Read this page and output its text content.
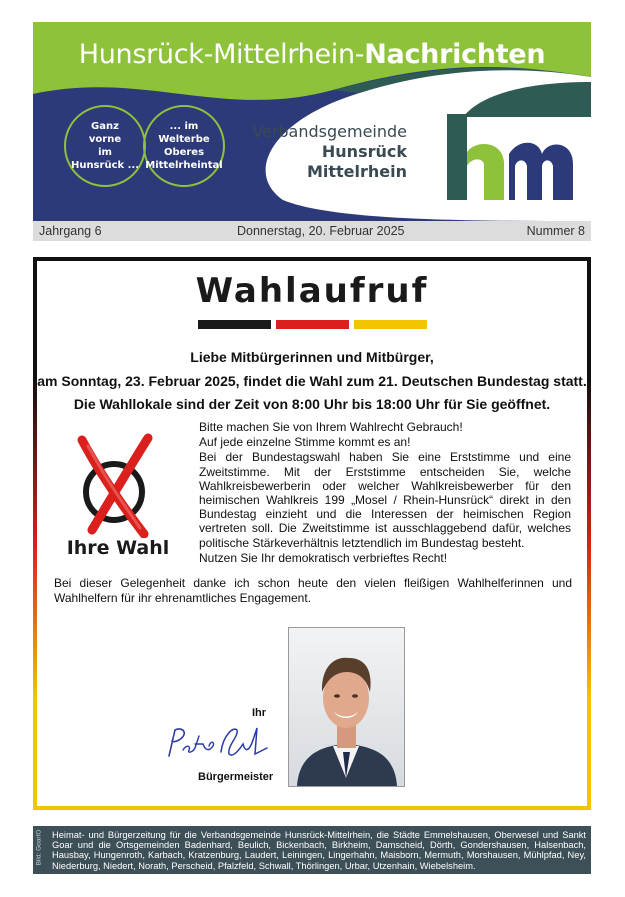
Hunsrück-Mittelrhein-Nachrichten
Ganz
vorne
im
Hunsrück ...
... im
Welterbe
Oberes
Mittelrheintal
Verbandsgemeinde
Hunsrück
Mittelrhein
Jahrgang 6	Donnerstag, 20. Februar 2025	Nummer 8
Wahlaufruf
Liebe Mitbürgerinnen und Mitbürger,
am Sonntag, 23. Februar 2025, findet die Wahl zum 21. Deutschen Bundestag statt.
Die Wahllokale sind der Zeit von 8:00 Uhr bis 18:00 Uhr für Sie geöffnet.
Ihre Wahl

Bitte machen Sie von Ihrem Wahlrecht Gebrauch!

Auf jede einzelne Stimme kommt es an!

Bei der Bundestagswahl haben Sie eine Erststimme und eine Zweitstimme. Mit der Erststimme entscheiden Sie, welche Wahlkreisbewerberin oder welcher Wahlkreisbewerber für den heimischen Wahlkreis 199 „Mosel / Rhein-Hunsrück“ direkt in den Bundestag einzieht und die Interessen der heimischen Region vertreten soll. Die Zweitstimme ist ausschlaggebend dafür, welches politische Stärkeverhältnis letztendlich im Bundestag besteht.

Nutzen Sie Ihr demokratisch verbrieftes Recht!

Bei dieser Gelegenheit danke ich schon heute den vielen fleißigen Wahlhelferinnen und Wahlhelfern für ihr ehrenamtliches Engagement.
Ihr
Bürgermeister
Bild: GoarIO Heimat- und Bürgerzeitung für die Verbandsgemeinde Hunsrück-Mittelrhein, die Städte Emmelshausen, Oberwesel und Sankt Goar und die Ortsgemeinden Badenhard, Beulich, Bickenbach, Birkheim, Damscheid, Dörth, Gondershausen, Halsenbach, Hausbay, Hungenroth, Karbach, Kratzenburg, Laudert, Leiningen, Lingerhahn, Maisborn, Mermuth, Morshausen, Mühlpfad, Ney, Niederburg, Niedert, Norath, Perscheid, Pfalzfeld, Schwall, Thörlingen, Urbar, Utzenhain, Wiebelsheim.
